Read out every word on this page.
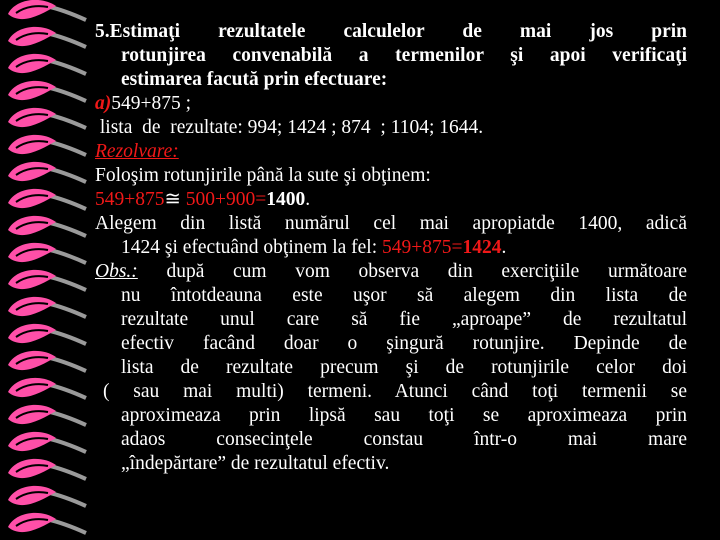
5.Estimaţi rezultatele calculelor de mai jos prin
rotunjirea convenabilă a termenilor şi apoi verificaţi
estimarea facută prin efectuare:
a)549+875 ;
lista  de  rezultate: 994; 1424 ; 874  ; 1104; 1644.
Rezolvare:
Foloşim rotunjirile până la sute şi obţinem:
549+875≅ 500+900=1400.
Alegem din listă numărul cel mai apropiatde 1400, adică
1424 şi efectuând obţinem la fel: 549+875=1424.
Obs.: după cum vom observa din exerciţiile următoare
nu întotdeauna este uşor să alegem din lista de
rezultate unul care să fie „aproape” de rezultatul
efectiv facând doar o şingură rotunjire. Depinde de
lista de rezultate precum şi de rotunjirile celor doi
( sau mai multi) termeni. Atunci când toţi termenii se
aproximeaza prin lipsă sau toţi se aproximeaza prin
adaos consecinţele constau într-o mai mare
„îndepărtare” de rezultatul efectiv.
